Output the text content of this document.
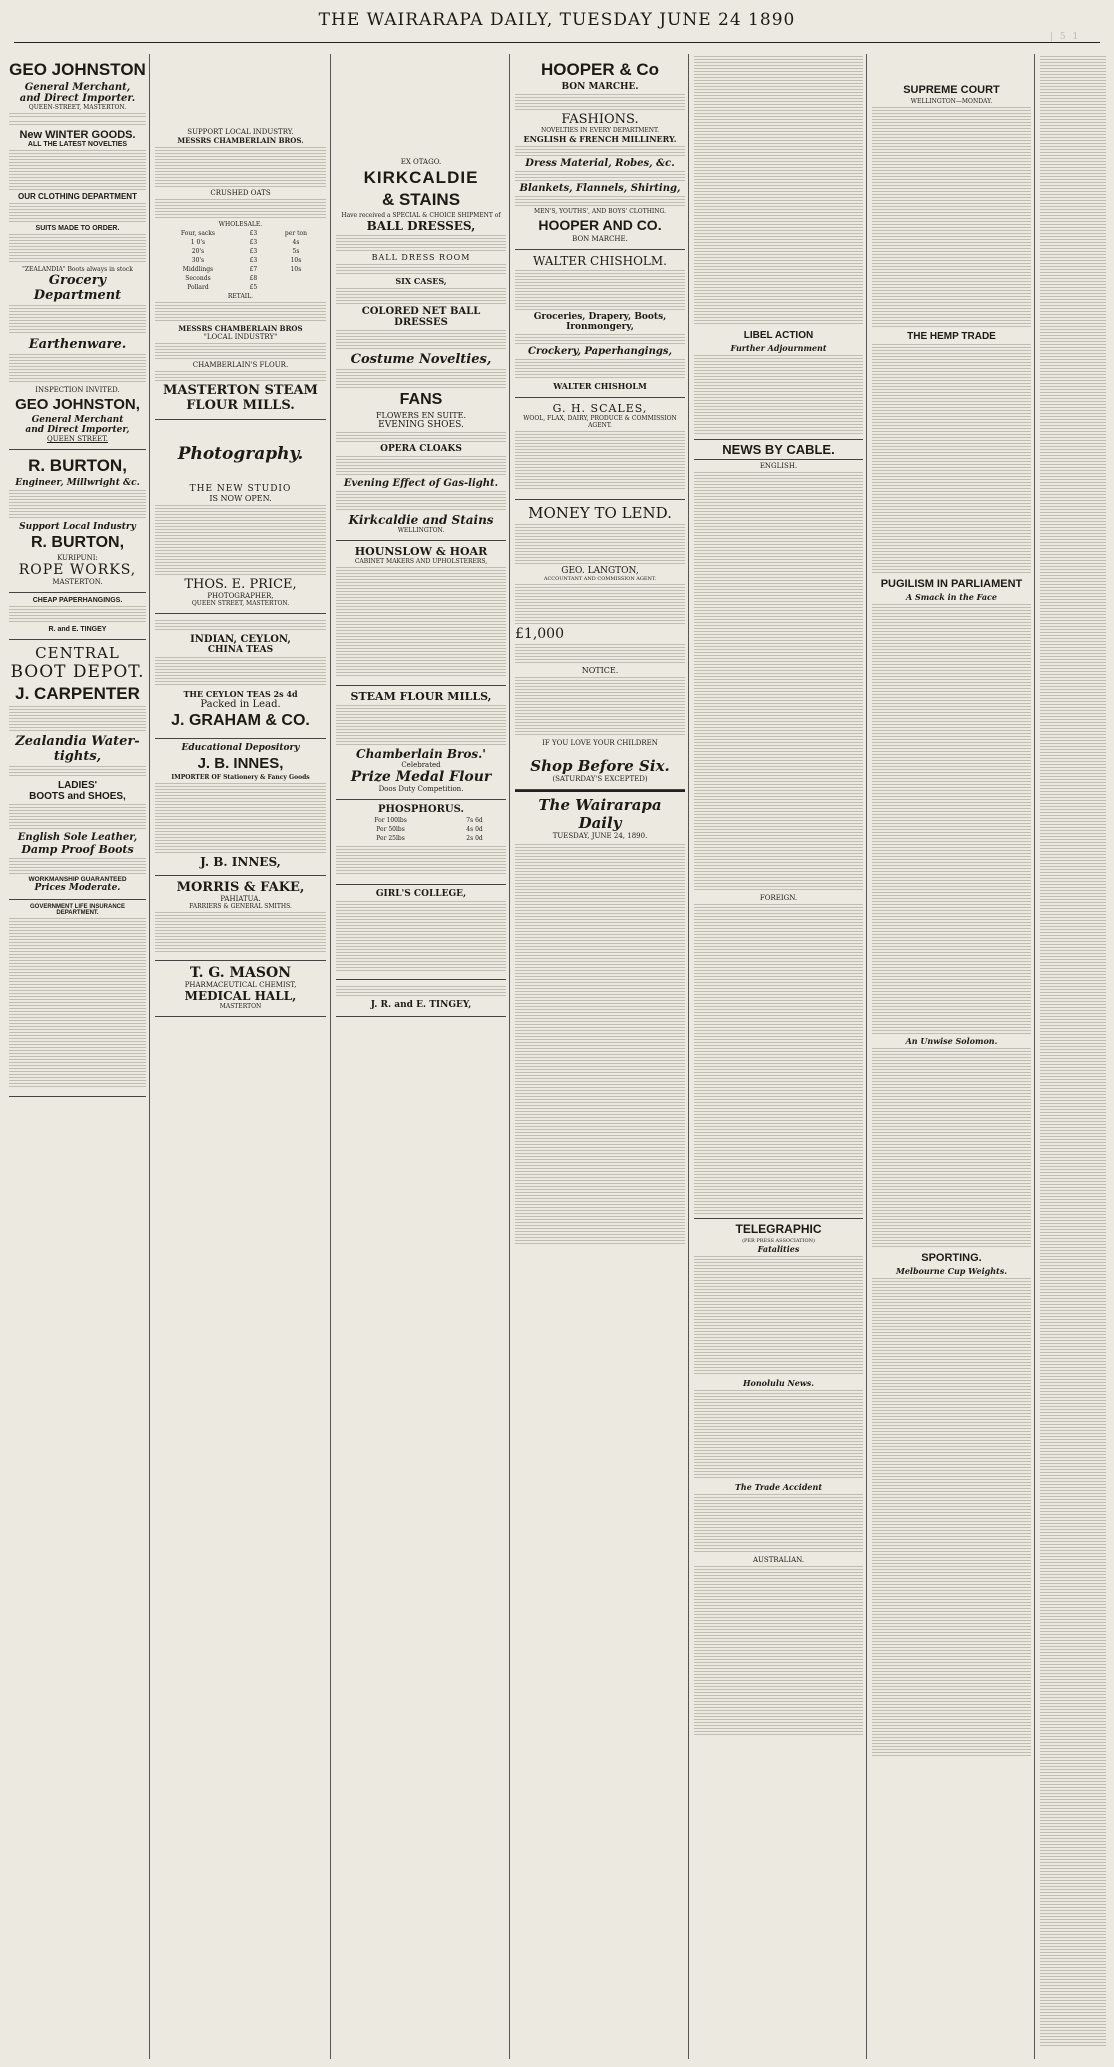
THE WAIRARAPA DAILY, TUESDAY JUNE 24 1890
| 5 1
GEO JOHNSTON
General Merchant,
and Direct Importer.
QUEEN-STREET, MASTERTON.
New WINTER GOODS.
ALL THE LATEST NOVELTIES
OUR CLOTHING DEPARTMENT
SUITS MADE TO ORDER.
"ZEALANDIA" Boots always in stock
Grocery Department
Earthenware.
INSPECTION INVITED.
GEO JOHNSTON,
General Merchant
and Direct Importer,
QUEEN STREET.
R. BURTON,
Engineer, Millwright &c.
Support Local Industry
R. BURTON,
KURIPUNI:
ROPE WORKS,
MASTERTON.
CHEAP PAPERHANGINGS.
R. and E. TINGEY
CENTRAL
BOOT DEPOT.
J. CARPENTER
Zealandia Water-tights,
LADIES'
BOOTS and SHOES,
English Sole Leather,
Damp Proof Boots
WORKMANSHIP GUARANTEED
Prices Moderate.
GOVERNMENT LIFE INSURANCE DEPARTMENT.
SUPPORT LOCAL INDUSTRY.
MESSRS CHAMBERLAIN BROS.
CRUSHED OATS
WHOLESALE.
Four, sacks	£3	per ton
1 0's	£3	4s
20's	£3	5s
30's	£3	10s
Middlings	£7	10s
Seconds	£8	
Pollard	£5	
RETAIL.
MESSRS CHAMBERLAIN BROS
"LOCAL INDUSTRY"
CHAMBERLAIN'S FLOUR.
MASTERTON STEAM FLOUR MILLS.
Photography.
THE NEW STUDIO
IS NOW OPEN.
THOS. E. PRICE,
PHOTOGRAPHER,
QUEEN STREET, MASTERTON.
INDIAN, CEYLON,
CHINA TEAS
THE CEYLON TEAS 2s 4d
Packed in Lead.
J. GRAHAM & CO.
Educational Depository
J. B. INNES,
IMPORTER OF Stationery & Fancy Goods
J. B. INNES,
MORRIS & FAKE,
PAHIATUA.
FARRIERS & GENERAL SMITHS.
T. G. MASON
PHARMACEUTICAL CHEMIST,
MEDICAL HALL,
MASTERTON
EX OTAGO.
KIRKCALDIE
& STAINS
Have received a SPECIAL & CHOICE SHIPMENT of
BALL DRESSES,
BALL DRESS ROOM
SIX CASES,
COLORED NET BALL DRESSES
Costume Novelties,
FANS
FLOWERS EN SUITE.
EVENING SHOES.
OPERA CLOAKS
Evening Effect of Gas-light.
Kirkcaldie and Stains
WELLINGTON.
HOUNSLOW & HOAR
CABINET MAKERS AND UPHOLSTERERS,
STEAM FLOUR MILLS,
Chamberlain Bros.'
Celebrated
Prize Medal Flour
Doos Duty Competition.
PHOSPHORUS.
For 100lbs	7s 6d
Per 50lbs	4s 0d
Per 25lbs	2s 0d
GIRL'S COLLEGE,
J. R. and E. TINGEY,
HOOPER & Co
BON MARCHE.
FASHIONS.
NOVELTIES IN EVERY DEPARTMENT.
ENGLISH & FRENCH MILLINERY.
Dress Material, Robes, &c.
Blankets, Flannels, Shirting,
MEN'S, YOUTHS', AND BOYS' CLOTHING.
HOOPER AND CO.
BON MARCHE.
WALTER CHISHOLM.
Groceries, Drapery, Boots, Ironmongery,
Crockery, Paperhangings,
WALTER CHISHOLM
G. H. SCALES,
WOOL, FLAX, DAIRY, PRODUCE & COMMISSION AGENT.
MONEY TO LEND.
GEO. LANGTON,
ACCOUNTANT AND COMMISSION AGENT.
£1,000
NOTICE.
IF YOU LOVE YOUR CHILDREN
Shop Before Six.
(SATURDAY'S EXCEPTED)
The Wairarapa Daily
TUESDAY, JUNE 24, 1890.
LIBEL ACTION
Further Adjournment
NEWS BY CABLE.
ENGLISH.
FOREIGN.
TELEGRAPHIC
(PER PRESS ASSOCIATION)
Fatalities
Honolulu News.
The Trade Accident
AUSTRALIAN.
SUPREME COURT
WELLINGTON—MONDAY.
THE HEMP TRADE
PUGILISM IN PARLIAMENT
A Smack in the Face
An Unwise Solomon.
SPORTING.
Melbourne Cup Weights.
